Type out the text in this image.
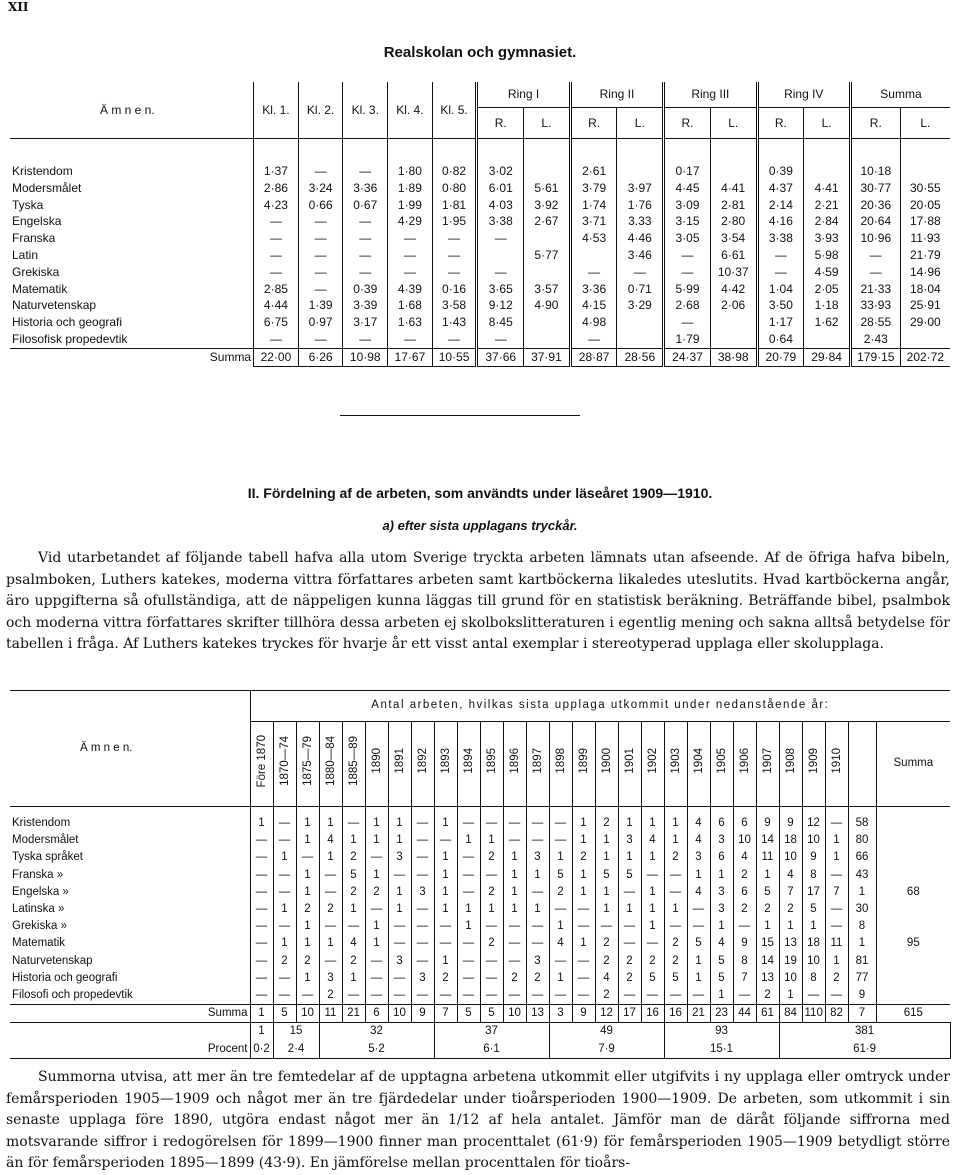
XII
Realskolan och gymnasiet.
Ä m n e n.	Kl. 1.	Kl. 2.	Kl. 3.	Kl. 4.	Kl. 5.	Ring I		Ring II		Ring III		Ring IV		Summa	
						R.	L.	R.	L.	R.	L.	R.	L.	R.	L.
Kristendom	1·37	—	—	1·80	0·82	3·02		2·61		0·17		0·39		10·18	
Modersmålet	2·86	3·24	3·36	1·89	0·80	6·01	5·61	3·79	3·97	4·45	4·41	4·37	4·41	30·77	30·55
Tyska	4·23	0·66	0·67	1·99	1·81	4·03	3·92	1·74	1·76	3·09	2·81	2·14	2·21	20·36	20·05
Engelska	—	—	—	4·29	1·95	3·38	2·67	3·71	3.33	3·15	2·80	4·16	2·84	20·64	17·88
Franska	—	—	—	—	—	—		4·53	4·46	3·05	3·54	3·38	3·93	10·96	11·93
Latin	—	—	—	—	—		5·77		3·46	—	6·61	—	5·98	—	21·79
Grekiska	—	—	—	—	—	—		—	—	—	10·37	—	4·59	—	14·96
Matematik	2·85	—	0·39	4·39	0·16	3·65	3·57	3·36	0·71	5·99	4·42	1·04	2·05	21·33	18·04
Naturvetenskap	4·44	1·39	3·39	1·68	3·58	9·12	4·90	4·15	3·29	2·68	2·06	3·50	1·18	33·93	25·91
Historia och geografi	6·75	0·97	3·17	1·63	1·43	8·45		4·98		—		1·17	1·62	28·55	29·00
Filosofisk propedevtik	—	—	—	—	—	—		—		1·79		0·64		2·43	
Summa	22·00	6·26	10·98	17·67	10·55	37·66	37·91	28·87	28·56	24·37	38·98	20·79	29·84	179·15	202·72
II. Fördelning af de arbeten, som användts under läseåret 1909—1910.
a) efter sista upplagans tryckår.
Vid utarbetandet af följande tabell hafva alla utom Sverige tryckta arbeten lämnats utan afseende. Af de öfriga hafva bibeln, psalmboken, Luthers katekes, moderna vittra författares arbeten samt kartböckerna likaledes uteslutits. Hvad kartböckerna angår, äro uppgifterna så ofullständiga, att de näppeligen kunna läggas till grund för en statistisk beräkning. Beträffande bibel, psalmbok och moderna vittra författares skrifter tillhöra dessa arbeten ej skolbokslitteraturen i egentlig mening och sakna alltså betydelse för tabellen i fråga. Af Luthers katekes tryckes för hvarje år ett visst antal exemplar i stereotyperad upplaga eller skolupplaga.
Ä m n e n.	Antal arbeten, hvilkas sista upplaga utkommit under nedanstående år:																												
	Före 1870	1870—74	1875—79	1880—84	1885—89	1890	1891	1892	1893	1894	1895	1896	1897	1898	1899	1900	1901	1902	1903	1904	1905	1906	1907	1908	1909	1910		Summa	
Kristendom	1	—	1	1	—	1	1	—	1	—	—	—	—	—	1	2	1	1	1	4	6	6	9	9	12	—	58		
Modersmålet	—	—	1	4	1	1	1	—	—	1	1	—	—	—	1	1	3	4	1	4	3	10	14	18	10	1	80		
Tyska språket	—	1	—	1	2	—	3	—	1	—	2	1	3	1	2	1	1	1	2	3	6	4	11	10	9	1	66		
Franska »	—	—	1	—	5	1	—	—	1	—	—	1	1	5	1	5	5	—	—	1	1	2	1	4	8	—	43		
Engelska »	—	—	1	—	2	2	1	3	1	—	2	1	—	2	1	1	—	1	—	4	3	6	5	7	17	7	1	68	
Latinska »	—	1	2	2	1	—	1	—	1	1	1	1	1	—	—	1	1	1	1	—	3	2	2	2	5	—	30		
Grekiska »	—	—	1	—	—	1	—	—	—	1	—	—	—	1	—	—	—	1	—	—	1	—	1	1	1	—	8		
Matematik	—	1	1	1	4	1	—	—	—	—	2	—	—	4	1	2	—	—	2	5	4	9	15	13	18	11	1	95	
Naturvetenskap	—	2	2	—	2	—	3	—	1	—	—	—	3	—	—	2	2	2	2	1	5	8	14	19	10	1	81		
Historia och geografi	—	—	1	3	1	—	—	3	2	—	—	2	2	1	—	4	2	5	5	1	5	7	13	10	8	2	77		
Filosofi och propedevtik	—	—	—	2	—	—	—	—	—	—	—	—	—	—	—	2	—	—	—	—	1	—	2	1	—	—	9		
Summa	1	5	10	11	21	6	10	9	7	5	5	10	13	3	9	12	17	16	16	21	23	44	61	84	110	82	7	615	
	1	15		32					37					49					93					381		
Procent	0·2	2·4		5·2					6·1					7·9					15·1					61·9		
Summorna utvisa, att mer än tre femtedelar af de upptagna arbetena utkommit eller utgifvits i ny upplaga eller omtryck under femårsperioden 1905—1909 och något mer än tre fjärdedelar under tioårsperioden 1900—1909. De arbeten, som utkommit i sin senaste upplaga före 1890, utgöra endast något mer än 1/12 af hela antalet. Jämför man de däråt följande siffrorna med motsvarande siffror i redogörelsen för 1899—1900 finner man procenttalet (61·9) för femårsperioden 1905—1909 betydligt större än för femårsperioden 1895—1899 (43·9). En jämförelse mellan procenttalen för tioårs-
